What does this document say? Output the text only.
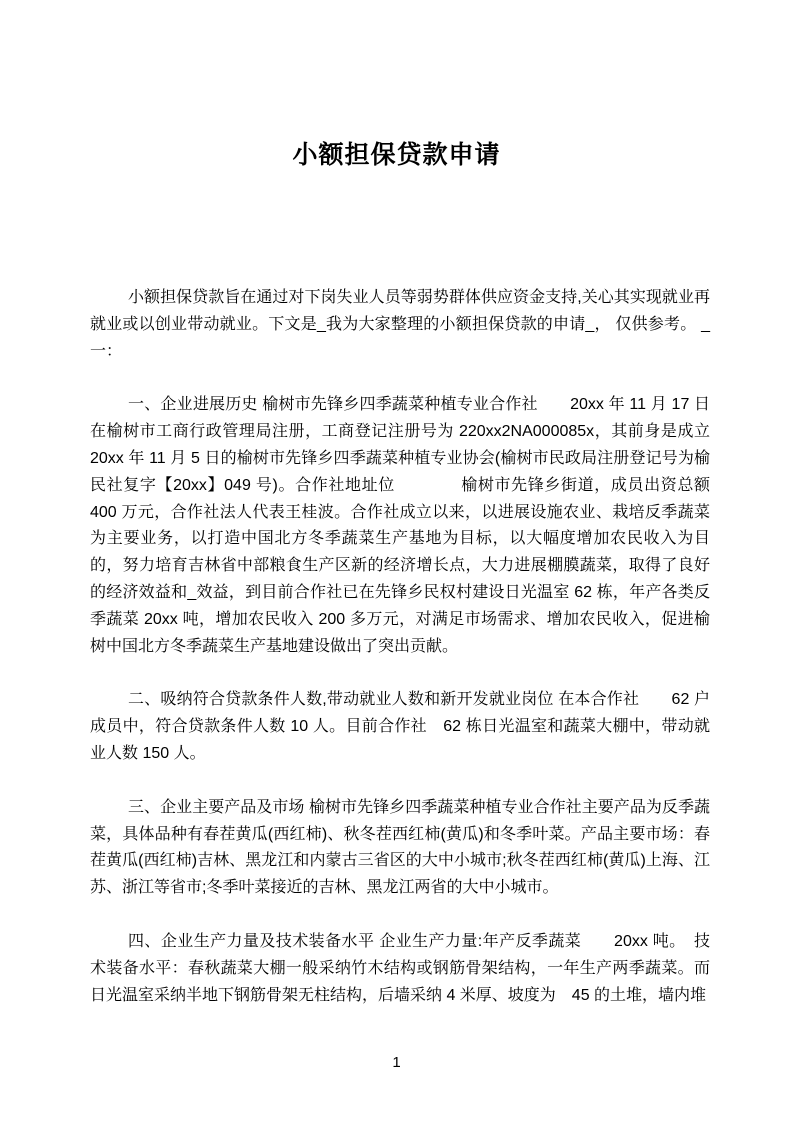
小额担保贷款申请

小额担保贷款旨在通过对下岗失业人员等弱势群体供应资金支持,关心其实现就业再就业或以创业带动就业。下文是_我为大家整理的小额担保贷款的申请_， 仅供参考。 _一：

一、企业进展历史 榆树市先锋乡四季蔬菜种植专业合作社　　20xx 年 11 月 17 日在榆树市工商行政管理局注册，工商登记注册号为 220xx2NA000085x，其前身是成立　　　20xx 年 11 月 5 日的榆树市先锋乡四季蔬菜种植专业协会(榆树市民政局注册登记号为榆民社复字【20xx】049 号)。合作社地址位　　　　榆树市先锋乡街道，成员出资总额 400 万元，合作社法人代表王桂波。合作社成立以来，以进展设施农业、栽培反季蔬菜为主要业务，以打造中国北方冬季蔬菜生产基地为目标，以大幅度增加农民收入为目的，努力培育吉林省中部粮食生产区新的经济增长点，大力进展棚膜蔬菜，取得了良好的经济效益和_效益，到目前合作社已在先锋乡民权村建设日光温室 62 栋，年产各类反季蔬菜 20xx 吨，增加农民收入 200 多万元，对满足市场需求、增加农民收入，促进榆树中国北方冬季蔬菜生产基地建设做出了突出贡献。

二、吸纳符合贷款条件人数,带动就业人数和新开发就业岗位 在本合作社　　62 户成员中，符合贷款条件人数 10 人。目前合作社　62 栋日光温室和蔬菜大棚中，带动就业人数 150 人。

三、企业主要产品及市场 榆树市先锋乡四季蔬菜种植专业合作社主要产品为反季蔬菜，具体品种有春茬黄瓜(西红柿)、秋冬茬西红柿(黄瓜)和冬季叶菜。产品主要市场：春茬黄瓜(西红柿)吉林、黑龙江和内蒙古三省区的大中小城市;秋冬茬西红柿(黄瓜)上海、江苏、浙江等省市;冬季叶菜接近的吉林、黑龙江两省的大中小城市。

四、企业生产力量及技术装备水平 企业生产力量:年产反季蔬菜　　20xx 吨。　技术装备水平：春秋蔬菜大棚一般采纳竹木结构或钢筋骨架结构，一年生产两季蔬菜。而日光温室采纳半地下钢筋骨架无柱结构，后墙采纳 4 米厚、坡度为　45 的土堆，墙内堆

1
